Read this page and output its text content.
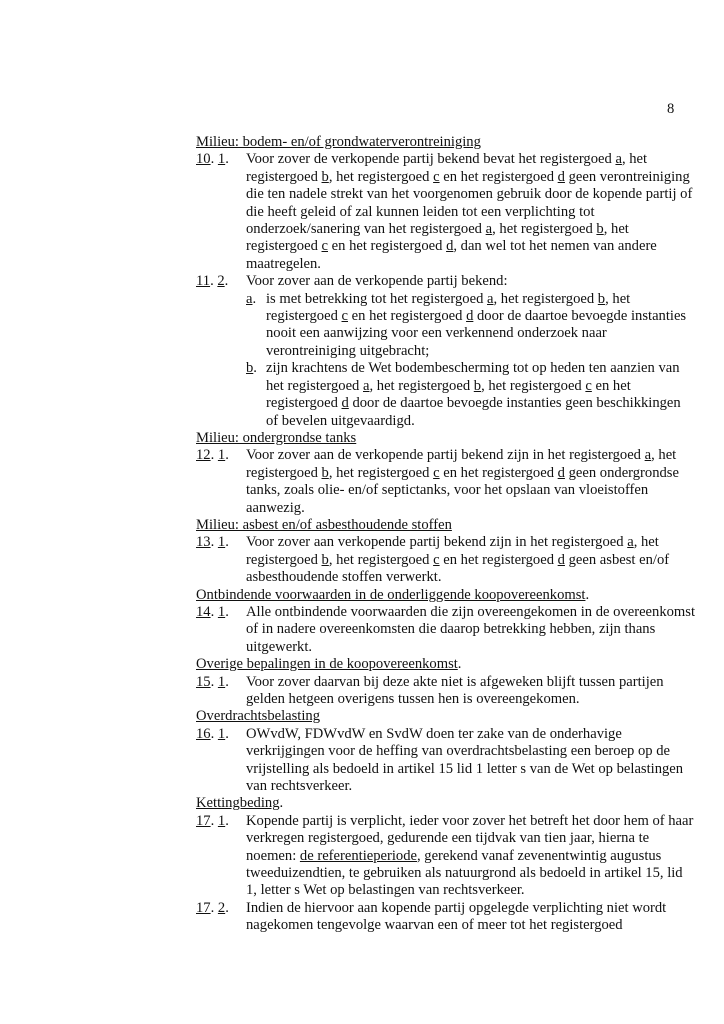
8
Milieu: bodem- en/of grondwaterverontreiniging
10. 1.	Voor zover de verkopende partij bekend bevat het registergoed a, het registergoed b, het registergoed c en het registergoed d geen verontreiniging die ten nadele strekt van het voorgenomen gebruik door de kopende partij of die heeft geleid of zal kunnen leiden tot een verplichting tot onderzoek/sanering van het registergoed a, het registergoed b, het registergoed c en het registergoed d, dan wel tot het nemen van andere maatregelen.
11. 2.	Voor zover aan de verkopende partij bekend:
a. is met betrekking tot het registergoed a, het registergoed b, het registergoed c en het registergoed d door de daartoe bevoegde instanties nooit een aanwijzing voor een verkennend onderzoek naar verontreiniging uitgebracht;
b. zijn krachtens de Wet bodembescherming tot op heden ten aanzien van het registergoed a, het registergoed b, het registergoed c en het registergoed d door de daartoe bevoegde instanties geen beschikkingen of bevelen uitgevaardigd.
Milieu: ondergrondse tanks
12. 1.	Voor zover aan de verkopende partij bekend zijn in het registergoed a, het registergoed b, het registergoed c en het registergoed d geen ondergrondse tanks, zoals olie- en/of septictanks, voor het opslaan van vloeistoffen aanwezig.
Milieu: asbest en/of asbesthoudende stoffen
13. 1.	Voor zover aan verkopende partij bekend zijn in het registergoed a, het registergoed b, het registergoed c en het registergoed d geen asbest en/of asbesthoudende stoffen verwerkt.
Ontbindende voorwaarden in de onderliggende koopovereenkomst.
14. 1.	Alle ontbindende voorwaarden die zijn overeengekomen in de overeenkomst of in nadere overeenkomsten die daarop betrekking hebben, zijn thans uitgewerkt.
Overige bepalingen in de koopovereenkomst.
15. 1.	Voor zover daarvan bij deze akte niet is afgeweken blijft tussen partijen gelden hetgeen overigens tussen hen is overeengekomen.
Overdrachtsbelasting
16. 1.	OWvdW, FDWvdW en SvdW doen ter zake van de onderhavige verkrijgingen voor de heffing van overdrachtsbelasting een beroep op de vrijstelling als bedoeld in artikel 15 lid 1 letter s van de Wet op belastingen van rechtsverkeer.
Kettingbeding.
17. 1.	Kopende partij is verplicht, ieder voor zover het betreft het door hem of haar verkregen registergoed, gedurende een tijdvak van tien jaar, hierna te noemen: de referentieperiode, gerekend vanaf zevenentwintig augustus tweeduizendtien, te gebruiken als natuurgrond als bedoeld in artikel 15, lid 1, letter s Wet op belastingen van rechtsverkeer.
17. 2.	Indien de hiervoor aan kopende partij opgelegde verplichting niet wordt nagekomen tengevolge waarvan een of meer tot het registergoed
